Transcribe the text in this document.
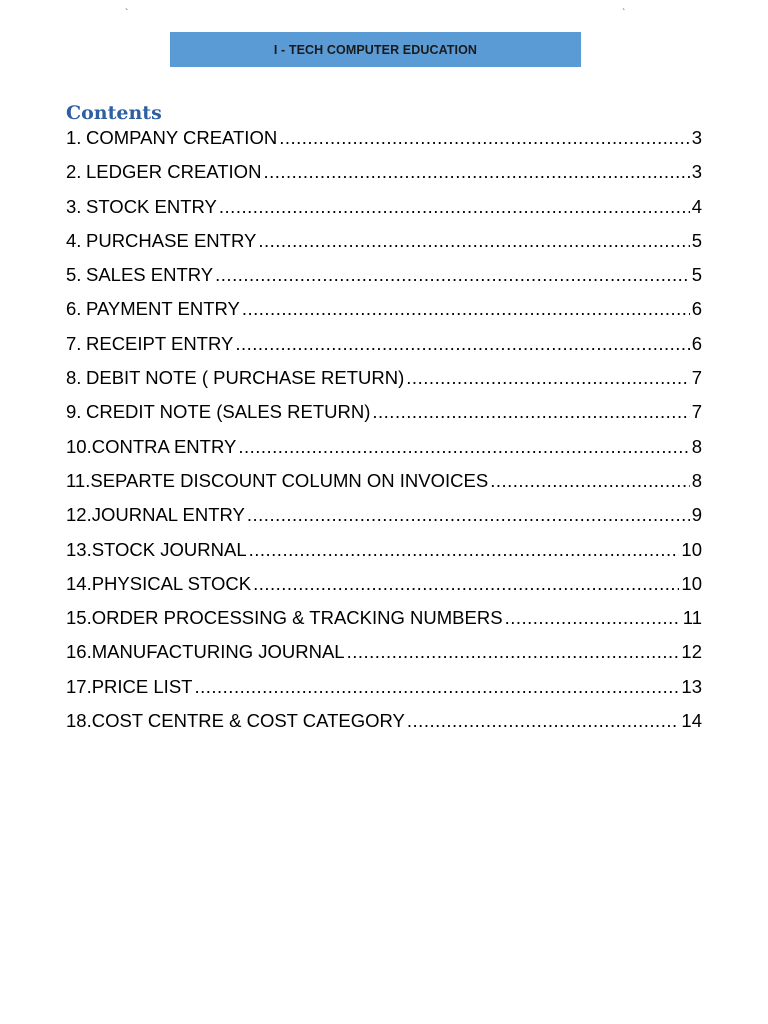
`	`
I - TECH COMPUTER EDUCATION
Contents
1. COMPANY CREATION .....	3
2. LEDGER CREATION .....	3
3. STOCK ENTRY .....	4
4. PURCHASE ENTRY .....	5
5. SALES ENTRY .....	5
6. PAYMENT ENTRY .....	6
7. RECEIPT ENTRY .....	6
8. DEBIT NOTE ( PURCHASE RETURN) .....	7
9. CREDIT NOTE (SALES RETURN) .....	7
10. CONTRA ENTRY .....	8
11. SEPARTE DISCOUNT COLUMN ON INVOICES .....	8
12. JOURNAL ENTRY .....	9
13. STOCK JOURNAL .....	10
14. PHYSICAL STOCK .....	10
15. ORDER PROCESSING & TRACKING NUMBERS .....	11
16. MANUFACTURING JOURNAL .....	12
17. PRICE LIST .....	13
18. COST CENTRE & COST CATEGORY .....	14
